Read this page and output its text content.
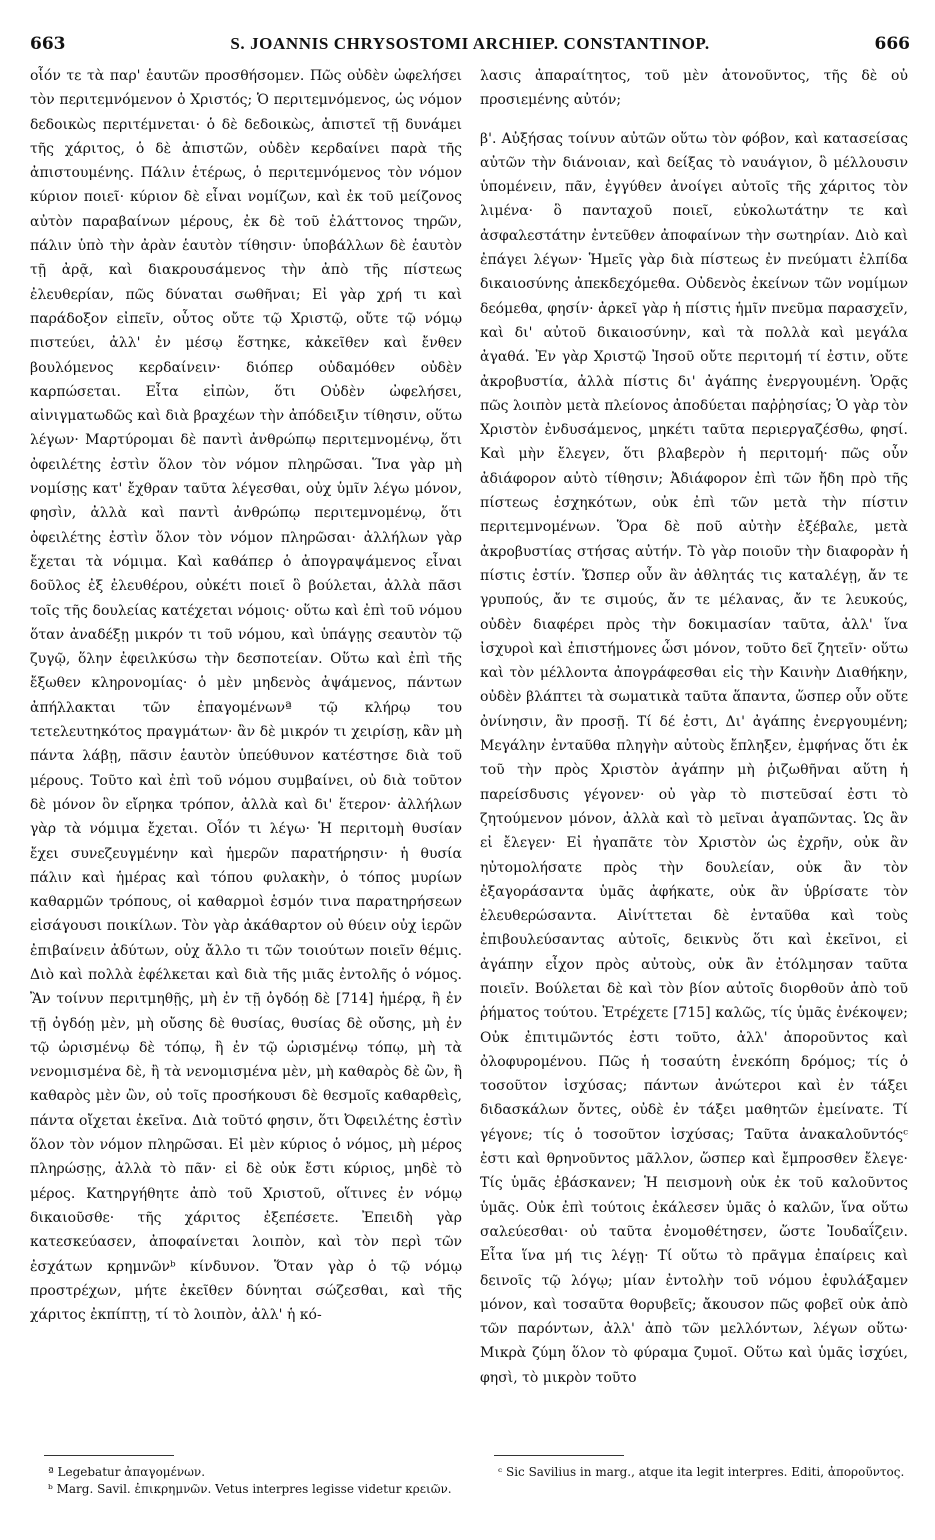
663	S. JOANNIS CHRYSOSTOMI ARCHIEP. CONSTANTINOP.	666

οἷόν τε τὰ παρ' ἑαυτῶν προσθήσομεν. Πῶς οὐδὲν ὠφελήσει τὸν περιτεμνόμενον ὁ Χριστός; Ὁ περιτεμνόμενος, ὡς νόμον δεδοικὼς περιτέμνεται· ὁ δὲ δεδοικὼς, ἀπιστεῖ τῇ δυνάμει τῆς χάριτος, ὁ δὲ ἀπιστῶν, οὐδὲν κερδαίνει παρὰ τῆς ἀπιστουμένης. Πάλιν ἑτέρως, ὁ περιτεμνόμενος τὸν νόμον κύριον ποιεῖ· κύριον δὲ εἶναι νομίζων, καὶ ἐκ τοῦ μείζονος αὐτὸν παραβαίνων μέρους, ἐκ δὲ τοῦ ἐλάττονος τηρῶν, πάλιν ὑπὸ τὴν ἀρὰν ἑαυτὸν τίθησιν· ὑποβάλλων δὲ ἑαυτὸν τῇ ἀρᾷ, καὶ διακρουσάμενος τὴν ἀπὸ τῆς πίστεως ἐλευθερίαν, πῶς δύναται σωθῆναι; Εἰ γὰρ χρή τι καὶ παράδοξον εἰπεῖν, οὗτος οὔτε τῷ Χριστῷ, οὔτε τῷ νόμῳ πιστεύει, ἀλλ' ἐν μέσῳ ἕστηκε, κἀκεῖθεν καὶ ἔνθεν βουλόμενος κερδαίνειν· διόπερ οὐδαμόθεν οὐδὲν καρπώσεται. Εἶτα εἰπὼν, ὅτι Οὐδὲν ὠφελήσει, αἰνιγματωδῶς καὶ διὰ βραχέων τὴν ἀπόδειξιν τίθησιν, οὕτω λέγων· Μαρτύρομαι δὲ παντὶ ἀνθρώπῳ περιτεμνομένῳ, ὅτι ὀφειλέτης ἐστὶν ὅλον τὸν νόμον πληρῶσαι. Ἵνα γὰρ μὴ νομίσῃς κατ' ἔχθραν ταῦτα λέγεσθαι, οὐχ ὑμῖν λέγω μόνον, φησὶν, ἀλλὰ καὶ παντὶ ἀνθρώπῳ περιτεμνομένῳ, ὅτι ὀφειλέτης ἐστὶν ὅλον τὸν νόμον πληρῶσαι· ἀλλήλων γὰρ ἔχεται τὰ νόμιμα. Καὶ καθάπερ ὁ ἀπογραψάμενος εἶναι δοῦλος ἐξ ἐλευθέρου, οὐκέτι ποιεῖ ὃ βούλεται, ἀλλὰ πᾶσι τοῖς τῆς δουλείας κατέχεται νόμοις· οὕτω καὶ ἐπὶ τοῦ νόμου ὅταν ἀναδέξῃ μικρόν τι τοῦ νόμου, καὶ ὑπάγῃς σεαυτὸν τῷ ζυγῷ, ὅλην ἐφειλκύσω τὴν δεσποτείαν. Οὕτω καὶ ἐπὶ τῆς ἔξωθεν κληρονομίας· ὁ μὲν μηδενὸς ἀψάμενος, πάντων ἀπήλλακται τῶν ἐπαγομένωνª τῷ κλήρῳ του τετελευτηκότος πραγμάτων· ἂν δὲ μικρόν τι χειρίσῃ, κἂν μὴ πάντα λάβῃ, πᾶσιν ἑαυτὸν ὑπεύθυνον κατέστησε διὰ τοῦ μέρους. Τοῦτο καὶ ἐπὶ τοῦ νόμου συμβαίνει, οὐ διὰ τοῦτον δὲ μόνον ὃν εἴρηκα τρόπον, ἀλλὰ καὶ δι' ἕτερον· ἀλλήλων γὰρ τὰ νόμιμα ἔχεται. Οἷόν τι λέγω· Ἡ περιτομὴ θυσίαν ἔχει συνεζευγμένην καὶ ἡμερῶν παρατήρησιν· ἡ θυσία πάλιν καὶ ἡμέρας καὶ τόπου φυλακὴν, ὁ τόπος μυρίων καθαρμῶν τρόπους, οἱ καθαρμοὶ ἑσμόν τινα παρατηρήσεων εἰσάγουσι ποικίλων. Τὸν γὰρ ἀκάθαρτον οὐ θύειν οὐχ ἱερῶν ἐπιβαίνειν ἀδύτων, οὐχ ἄλλο τι τῶν τοιούτων ποιεῖν θέμις. Διὸ καὶ πολλὰ ἐφέλκεται καὶ διὰ τῆς μιᾶς ἐντολῆς ὁ νόμος. Ἂν τοίνυν περιτμηθῇς, μὴ ἐν τῇ ὀγδόῃ δὲ [714] ἡμέρᾳ, ἢ ἐν τῇ ὀγδόῃ μὲν, μὴ οὔσης δὲ θυσίας, θυσίας δὲ οὔσης, μὴ ἐν τῷ ὡρισμένῳ δὲ τόπῳ, ἢ ἐν τῷ ὡρισμένῳ τόπῳ, μὴ τὰ νενομισμένα δὲ, ἢ τὰ νενομισμένα μὲν, μὴ καθαρὸς δὲ ὢν, ἢ καθαρὸς μὲν ὢν, οὐ τοῖς προσήκουσι δὲ θεσμοῖς καθαρθεὶς, πάντα οἴχεται ἐκεῖνα. Διὰ τοῦτό φησιν, ὅτι Ὀφειλέτης ἐστὶν ὅλον τὸν νόμον πληρῶσαι. Εἰ μὲν κύριος ὁ νόμος, μὴ μέρος πληρώσῃς, ἀλλὰ τὸ πᾶν· εἰ δὲ οὐκ ἔστι κύριος, μηδὲ τὸ μέρος. Κατηργήθητε ἀπὸ τοῦ Χριστοῦ, οἵτινες ἐν νόμῳ δικαιοῦσθε· τῆς χάριτος ἐξεπέσετε. Ἐπειδὴ γὰρ κατεσκεύασεν, ἀποφαίνεται λοιπὸν, καὶ τὸν περὶ τῶν ἐσχάτων κρημνῶνᵇ κίνδυνον. Ὅταν γὰρ ὁ τῷ νόμῳ προστρέχων, μήτε ἐκεῖθεν δύνηται σώζεσθαι, καὶ τῆς χάριτος ἐκπίπτῃ, τί τὸ λοιπὸν, ἀλλ' ἡ κό-

λασις ἀπαραίτητος, τοῦ μὲν ἀτονοῦντος, τῆς δὲ οὐ προσιεμένης αὐτόν;

β'. Αὐξήσας τοίνυν αὐτῶν οὕτω τὸν φόβον, καὶ κατασείσας αὐτῶν τὴν διάνοιαν, καὶ δείξας τὸ ναυάγιον, ὃ μέλλουσιν ὑπομένειν, πᾶν, ἐγγύθεν ἀνοίγει αὐτοῖς τῆς χάριτος τὸν λιμένα· ὃ πανταχοῦ ποιεῖ, εὐκολωτάτην τε καὶ ἀσφαλεστάτην ἐντεῦθεν ἀποφαίνων τὴν σωτηρίαν. Διὸ καὶ ἐπάγει λέγων· Ἡμεῖς γὰρ διὰ πίστεως ἐν πνεύματι ἐλπίδα δικαιοσύνης ἀπεκδεχόμεθα. Οὐδενὸς ἐκείνων τῶν νομίμων δεόμεθα, φησίν· ἀρκεῖ γὰρ ἡ πίστις ἡμῖν πνεῦμα παρασχεῖν, καὶ δι' αὐτοῦ δικαιοσύνην, καὶ τὰ πολλὰ καὶ μεγάλα ἀγαθά. Ἐν γὰρ Χριστῷ Ἰησοῦ οὔτε περιτομή τί ἐστιν, οὔτε ἀκροβυστία, ἀλλὰ πίστις δι' ἀγάπης ἐνεργουμένη. Ὁρᾷς πῶς λοιπὸν μετὰ πλείονος ἀποδύεται παῤῥησίας; Ὁ γὰρ τὸν Χριστὸν ἐνδυσάμενος, μηκέτι ταῦτα περιεργαζέσθω, φησί. Καὶ μὴν ἔλεγεν, ὅτι βλαβερὸν ἡ περιτομή· πῶς οὖν ἀδιάφορον αὐτὸ τίθησιν; Ἀδιάφορον ἐπὶ τῶν ἤδη πρὸ τῆς πίστεως ἐσχηκότων, οὐκ ἐπὶ τῶν μετὰ τὴν πίστιν περιτεμνομένων. Ὅρα δὲ ποῦ αὐτὴν ἐξέβαλε, μετὰ ἀκροβυστίας στήσας αὐτήν. Τὸ γὰρ ποιοῦν τὴν διαφορὰν ἡ πίστις ἐστίν. Ὥσπερ οὖν ἂν ἀθλητάς τις καταλέγῃ, ἄν τε γρυπούς, ἄν τε σιμούς, ἄν τε μέλανας, ἄν τε λευκούς, οὐδὲν διαφέρει πρὸς τὴν δοκιμασίαν ταῦτα, ἀλλ' ἵνα ἰσχυροὶ καὶ ἐπιστήμονες ὦσι μόνον, τοῦτο δεῖ ζητεῖν· οὕτω καὶ τὸν μέλλοντα ἀπογράφεσθαι εἰς τὴν Καινὴν Διαθήκην, οὐδὲν βλάπτει τὰ σωματικὰ ταῦτα ἅπαντα, ὥσπερ οὖν οὔτε ὀνίνησιν, ἂν προσῇ. Τί δέ ἐστι, Δι' ἀγάπης ἐνεργουμένη; Μεγάλην ἐνταῦθα πληγὴν αὐτοὺς ἔπληξεν, ἐμφήνας ὅτι ἐκ τοῦ τὴν πρὸς Χριστὸν ἀγάπην μὴ ῥιζωθῆναι αὕτη ἡ παρείσδυσις γέγονεν· οὐ γὰρ τὸ πιστεῦσαί ἐστι τὸ ζητούμενον μόνον, ἀλλὰ καὶ τὸ μεῖναι ἀγαπῶντας. Ὡς ἂν εἰ ἔλεγεν· Εἰ ἠγαπᾶτε τὸν Χριστὸν ὡς ἐχρῆν, οὐκ ἂν ηὐτομολήσατε πρὸς τὴν δουλείαν, οὐκ ἂν τὸν ἐξαγοράσαντα ὑμᾶς ἀφήκατε, οὐκ ἂν ὑβρίσατε τὸν ἐλευθερώσαντα. Αἰνίττεται δὲ ἐνταῦθα καὶ τοὺς ἐπιβουλεύσαντας αὐτοῖς, δεικνὺς ὅτι καὶ ἐκεῖνοι, εἰ ἀγάπην εἶχον πρὸς αὐτοὺς, οὐκ ἂν ἐτόλμησαν ταῦτα ποιεῖν. Βούλεται δὲ καὶ τὸν βίον αὐτοῖς διορθοῦν ἀπὸ τοῦ ῥήματος τούτου. Ἐτρέχετε [715] καλῶς, τίς ὑμᾶς ἐνέκοψεν; Οὐκ ἐπιτιμῶντός ἐστι τοῦτο, ἀλλ' ἀποροῦντος καὶ ὀλοφυρομένου. Πῶς ἡ τοσαύτη ἐνεκόπη δρόμος; τίς ὁ τοσοῦτον ἰσχύσας; πάντων ἀνώτεροι καὶ ἐν τάξει διδασκάλων ὄντες, οὐδὲ ἐν τάξει μαθητῶν ἐμείνατε. Τί γέγονε; τίς ὁ τοσοῦτον ἰσχύσας; Ταῦτα ἀνακαλοῦντόςᶜ ἐστι καὶ θρηνοῦντος μᾶλλον, ὥσπερ καὶ ἔμπροσθεν ἔλεγε· Τίς ὑμᾶς ἐβάσκανεν; Ἡ πεισμονὴ οὐκ ἐκ τοῦ καλοῦντος ὑμᾶς. Οὐκ ἐπὶ τούτοις ἐκάλεσεν ὑμᾶς ὁ καλῶν, ἵνα οὕτω σαλεύεσθαι· οὐ ταῦτα ἐνομοθέτησεν, ὥστε Ἰουδαΐζειν. Εἶτα ἵνα μή τις λέγῃ· Τί οὕτω τὸ πρᾶγμα ἐπαίρεις καὶ δεινοῖς τῷ λόγῳ; μίαν ἐντολὴν τοῦ νόμου ἐφυλάξαμεν μόνον, καὶ τοσαῦτα θορυβεῖς; ἄκουσον πῶς φοβεῖ οὐκ ἀπὸ τῶν παρόντων, ἀλλ' ἀπὸ τῶν μελλόντων, λέγων οὕτω· Μικρὰ ζύμη ὅλον τὸ φύραμα ζυμοῖ. Οὕτω καὶ ὑμᾶς ἰσχύει, φησὶ, τὸ μικρὸν τοῦτο

ª Legebatur ἀπαγομένων.

ᵇ Marg. Savil. ἐπικρημνῶν. Vetus interpres legisse videtur κρειῶν.

ᶜ Sic Savilius in marg., atque ita legit interpres. Editi, ἀποροῦντος.
